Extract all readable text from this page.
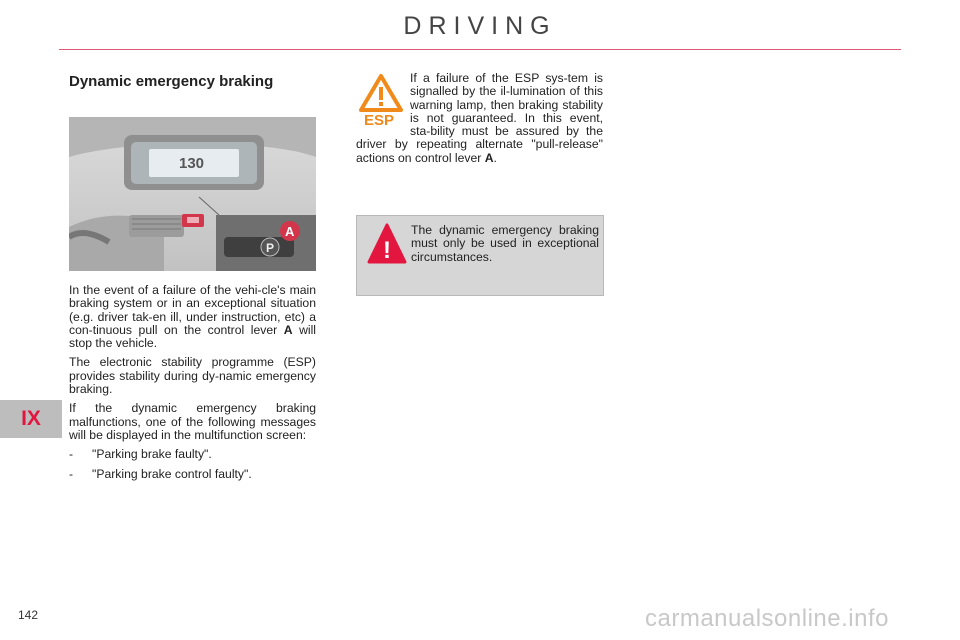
DRIVING
IX
142
Dynamic emergency braking
130
P
A

In the event of a failure of the vehi-cle's main braking system or in an exceptional situation (e.g. driver tak-en ill, under instruction, etc) a con-tinuous pull on the control lever A will stop the vehicle.

The electronic stability programme (ESP) provides stability during dy-namic emergency braking.

If the dynamic emergency braking malfunctions, one of the following messages will be displayed in the multifunction screen:

-	"Parking brake faulty".
-	"Parking brake control faulty".
ESP
If a failure of the ESP sys-tem is signalled by the il-lumination of this warning lamp, then braking stability is not guaranteed. In this event, sta-bility must be assured by the driver by repeating alternate "pull-release" actions on control lever A.
!
The dynamic emergency braking must only be used in exceptional circumstances.
carmanualsonline.info
